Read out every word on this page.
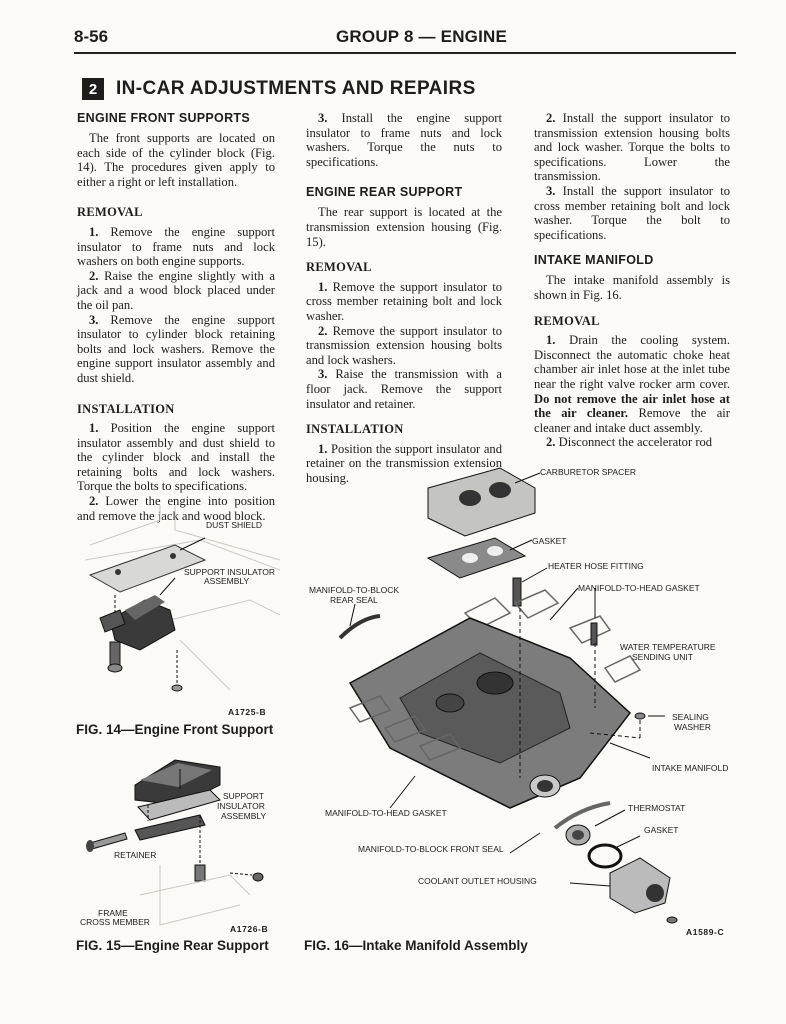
8-56	GROUP 8 — ENGINE
2 IN-CAR ADJUSTMENTS AND REPAIRS
ENGINE FRONT SUPPORTS

The front supports are located on each side of the cylinder block (Fig. 14). The procedures given apply to either a right or left installation.

REMOVAL

1. Remove the engine support insulator to frame nuts and lock washers on both engine supports.

2. Raise the engine slightly with a jack and a wood block placed under the oil pan.

3. Remove the engine support insulator to cylinder block retaining bolts and lock washers. Remove the engine support insulator assembly and dust shield.

INSTALLATION

1. Position the engine support insulator assembly and dust shield to the cylinder block and install the retaining bolts and lock washers. Torque the bolts to specifications.

2. Lower the engine into position and remove the jack and wood block.

3. Install the engine support insulator to frame nuts and lock washers. Torque the nuts to specifications.

ENGINE REAR SUPPORT

The rear support is located at the transmission extension housing (Fig. 15).

REMOVAL

1. Remove the support insulator to cross member retaining bolt and lock washer.

2. Remove the support insulator to transmission extension housing bolts and lock washers.

3. Raise the transmission with a floor jack. Remove the support insulator and retainer.

INSTALLATION

1. Position the support insulator and retainer on the transmission extension housing.

2. Install the support insulator to transmission extension housing bolts and lock washer. Torque the bolts to specifications. Lower the transmission.

3. Install the support insulator to cross member retaining bolt and lock washer. Torque the bolt to specifications.

INTAKE MANIFOLD

The intake manifold assembly is shown in Fig. 16.

REMOVAL

1. Drain the cooling system. Disconnect the automatic choke heat chamber air inlet hose at the inlet tube near the right valve rocker arm cover. Do not remove the air inlet hose at the air cleaner. Remove the air cleaner and intake duct assembly.

2. Disconnect the accelerator rod

DUST SHIELD
SUPPORT INSULATOR
ASSEMBLY
A1725-B
FIG. 14—Engine Front Support
SUPPORT
INSULATOR
ASSEMBLY
RETAINER
FRAME
CROSS MEMBER
A1726-B
FIG. 15—Engine Rear Support
CARBURETOR SPACER
GASKET
HEATER HOSE FITTING
MANIFOLD-TO-BLOCK
REAR SEAL
MANIFOLD-TO-HEAD GASKET
WATER TEMPERATURE
SENDING UNIT
SEALING
WASHER
INTAKE MANIFOLD
MANIFOLD-TO-HEAD GASKET	THERMOSTAT
GASKET
MANIFOLD-TO-BLOCK FRONT SEAL
COOLANT OUTLET HOUSING
A1589-C
FIG. 16—Intake Manifold Assembly
